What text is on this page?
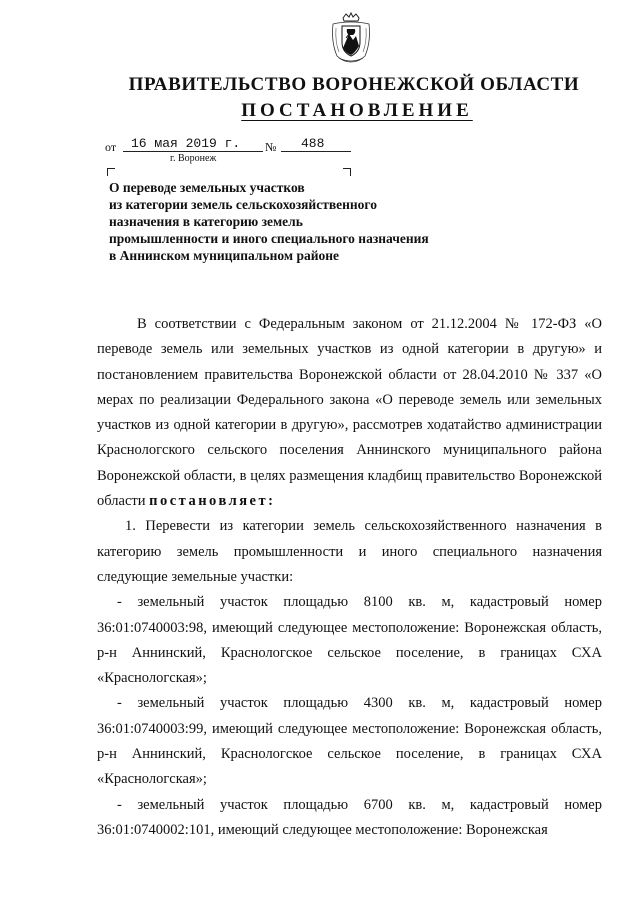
ПРАВИТЕЛЬСТВО ВОРОНЕЖСКОЙ ОБЛАСТИ
ПОСТАНОВЛЕНИЕ
от 16 мая 2019 г. № 488
г. Воронеж
О переводе земельных участков
из категории земель сельскохозяйственного
назначения в категорию земель
промышленности и иного специального назначения
в Аннинском муниципальном районе

В соответствии с Федеральным законом от 21.12.2004 № 172-ФЗ «О переводе земель или земельных участков из одной категории в другую» и постановлением правительства Воронежской области от 28.04.2010 № 337 «О мерах по реализации Федерального закона «О переводе земель или земельных участков из одной категории в другую», рассмотрев ходатайство администрации Краснологского сельского поселения Аннинского муниципального района Воронежской области, в целях размещения кладбищ правительство Воронежской области постановляет:

1. Перевести из категории земель сельскохозяйственного назначения в категорию земель промышленности и иного специального назначения следующие земельные участки:

- земельный участок площадью 8100 кв. м, кадастровый номер 36:01:0740003:98, имеющий следующее местоположение: Воронежская область, р-н Аннинский, Краснологское сельское поселение, в границах СХА «Краснологская»;

- земельный участок площадью 4300 кв. м, кадастровый номер 36:01:0740003:99, имеющий следующее местоположение: Воронежская область, р-н Аннинский, Краснологское сельское поселение, в границах СХА «Краснологская»;

- земельный участок площадью 6700 кв. м, кадастровый номер 36:01:0740002:101, имеющий следующее местоположение: Воронежская
